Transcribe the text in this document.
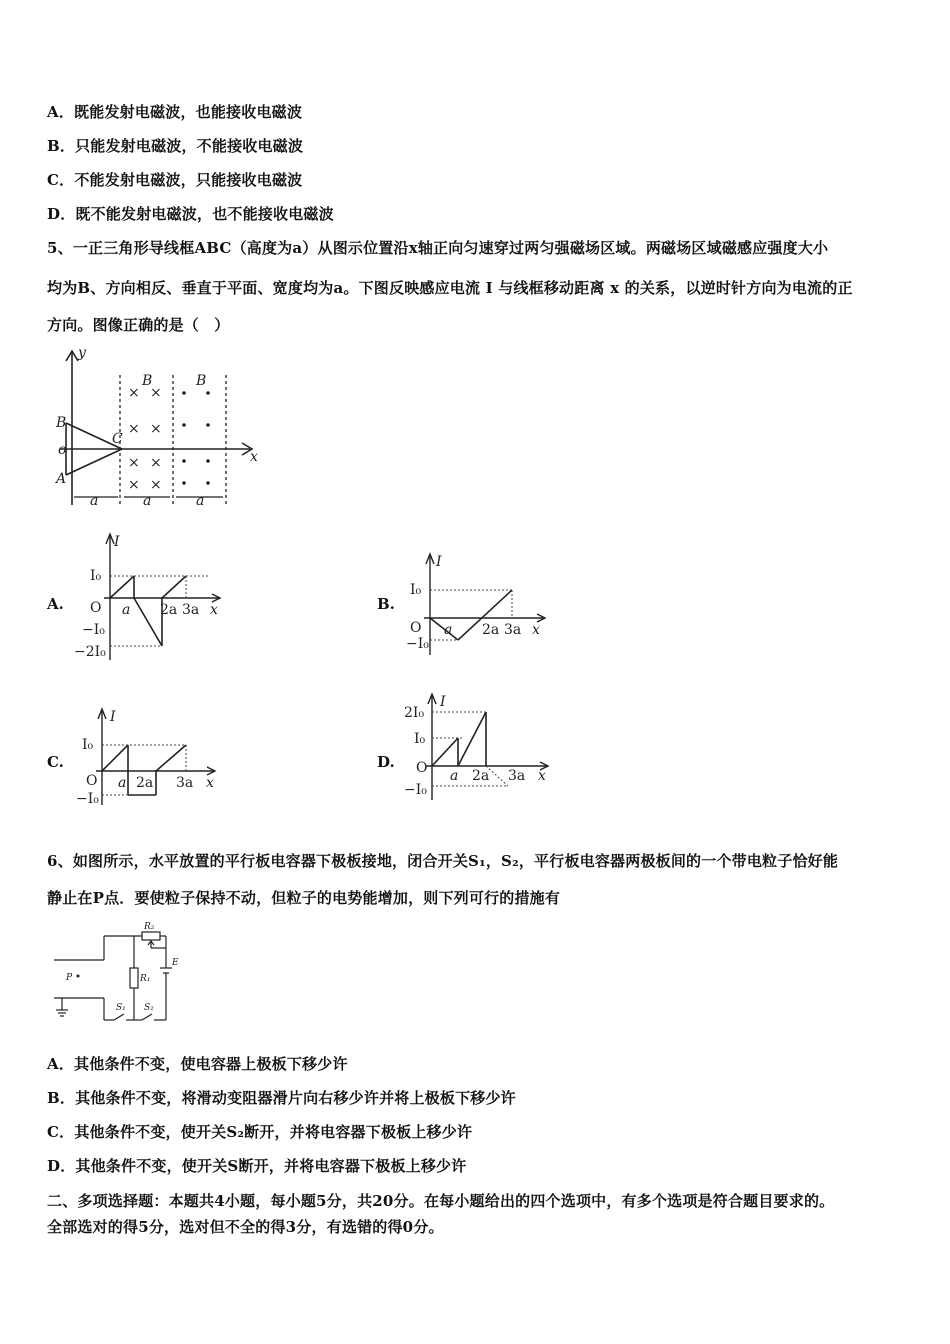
A．既能发射电磁波，也能接收电磁波
B．只能发射电磁波，不能接收电磁波
C．不能发射电磁波，只能接收电磁波
D．既不能发射电磁波，也不能接收电磁波
5、一正三角形导线框ABC（高度为a）从图示位置沿x轴正向匀速穿过两匀强磁场区域。两磁场区域磁感应强度大小
均为B、方向相反、垂直于平面、宽度均为a。下图反映感应电流 I 与线框移动距离 x 的关系，以逆时针方向为电流的正
方向。图像正确的是（　）
y
x
o
B
A
C
B	B
a	a	a
× ×
× ×
× ×
× ×
A.	B.
C.	D.
I
I₀
O
−I₀
−2I₀
a 2a 3a x
I
I₀
O
−I₀
a 2a 3a x
I
I₀
O
−I₀
a 2a 3a x
I
2I₀
I₀
O
−I₀
a 2a 3a x
6、如图所示，水平放置的平行板电容器下极板接地，闭合开关S₁，S₂，平行板电容器两极板间的一个带电粒子恰好能
静止在P点．要使粒子保持不动，但粒子的电势能增加，则下列可行的措施有
P
R₂
R₁
E
S₁ S₂
A．其他条件不变，使电容器上极板下移少许
B．其他条件不变，将滑动变阻器滑片向右移少许并将上极板下移少许
C．其他条件不变，使开关S₂断开，并将电容器下极板上移少许
D．其他条件不变，使开关S断开，并将电容器下极板上移少许
二、多项选择题：本题共4小题，每小题5分，共20分。在每小题给出的四个选项中，有多个选项是符合题目要求的。
全部选对的得5分，选对但不全的得3分，有选错的得0分。
